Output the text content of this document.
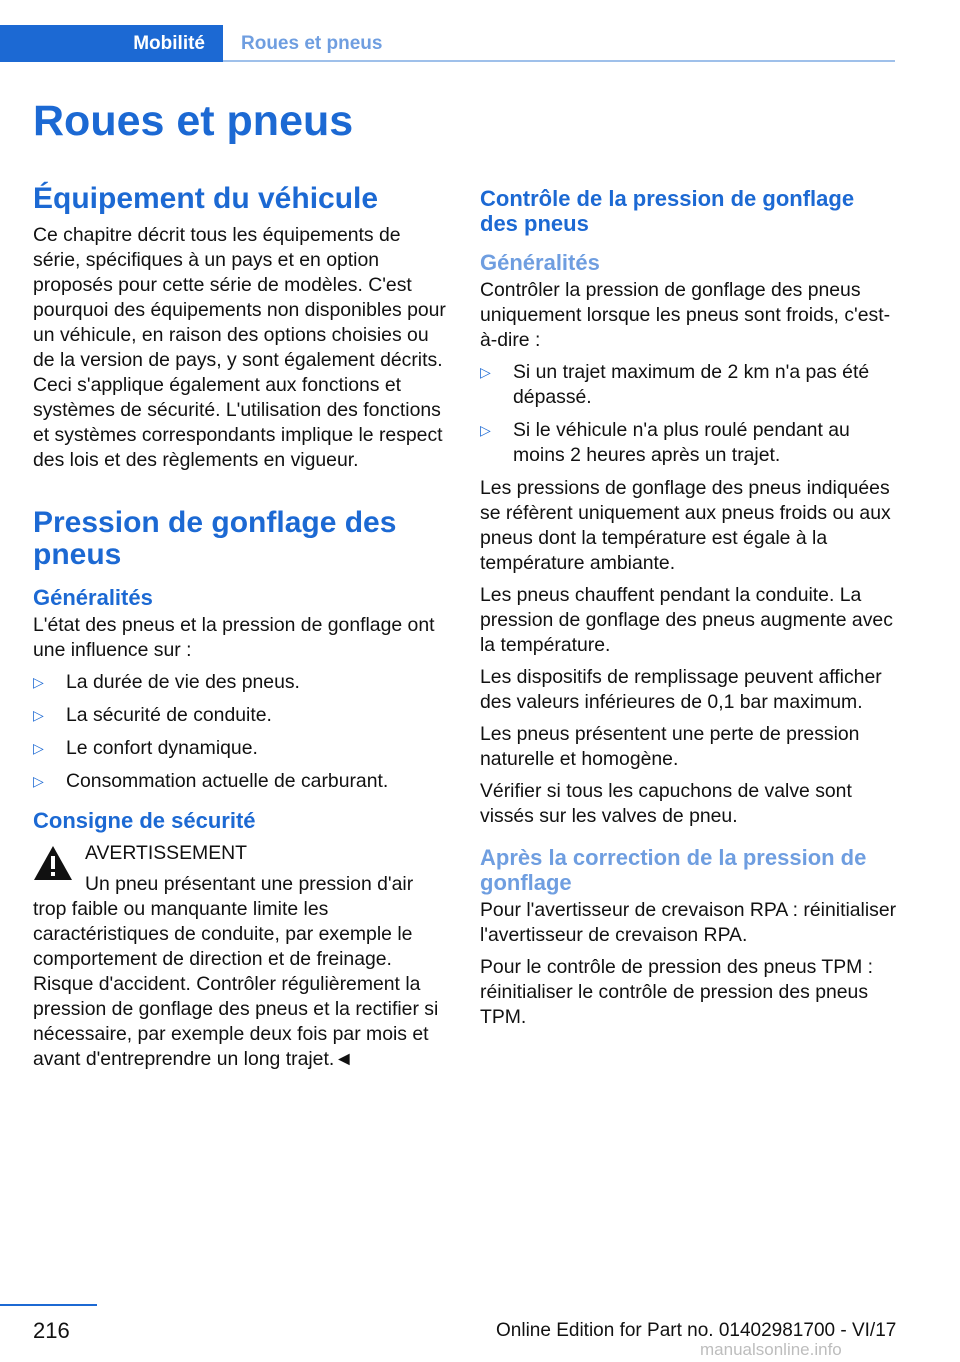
Mobilité Roues et pneus
Roues et pneus
Équipement du véhicule

Ce chapitre décrit tous les équipements de série, spécifiques à un pays et en option proposés pour cette série de modèles. C'est pourquoi des équipements non disponibles pour un véhicule, en raison des options choisies ou de la version de pays, y sont également décrits. Ceci s'applique également aux fonctions et systèmes de sécurité. L'utilisation des fonctions et systèmes correspondants implique le respect des lois et des règlements en vigueur.

Pression de gonflage des pneus
Généralités

L'état des pneus et la pression de gonflage ont une influence sur :

▷ La durée de vie des pneus.
▷ La sécurité de conduite.
▷ Le confort dynamique.
▷ Consommation actuelle de carburant.
Consigne de sécurité

AVERTISSEMENT

Un pneu présentant une pression d'air trop faible ou manquante limite les caractéristiques de conduite, par exemple le comportement de direction et de freinage. Risque d'accident. Contrôler régulièrement la pression de gonflage des pneus et la rectifier si nécessaire, par exemple deux fois par mois et avant d'entreprendre un long trajet.◄

Contrôle de la pression de gonflage des pneus
Généralités

Contrôler la pression de gonflage des pneus uniquement lorsque les pneus sont froids, c'est-à-dire :

▷ Si un trajet maximum de 2 km n'a pas été dépassé.
▷ Si le véhicule n'a plus roulé pendant au moins 2 heures après un trajet.

Les pressions de gonflage des pneus indiquées se réfèrent uniquement aux pneus froids ou aux pneus dont la température est égale à la température ambiante.

Les pneus chauffent pendant la conduite. La pression de gonflage des pneus augmente avec la température.

Les dispositifs de remplissage peuvent afficher des valeurs inférieures de 0,1 bar maximum.

Les pneus présentent une perte de pression naturelle et homogène.

Vérifier si tous les capuchons de valve sont vissés sur les valves de pneu.

Après la correction de la pression de gonflage

Pour l'avertisseur de crevaison RPA : réinitialiser l'avertisseur de crevaison RPA.

Pour le contrôle de pression des pneus TPM : réinitialiser le contrôle de pression des pneus TPM.

216	Online Edition for Part no. 01402981700 - VI/17
manualsonline.info
